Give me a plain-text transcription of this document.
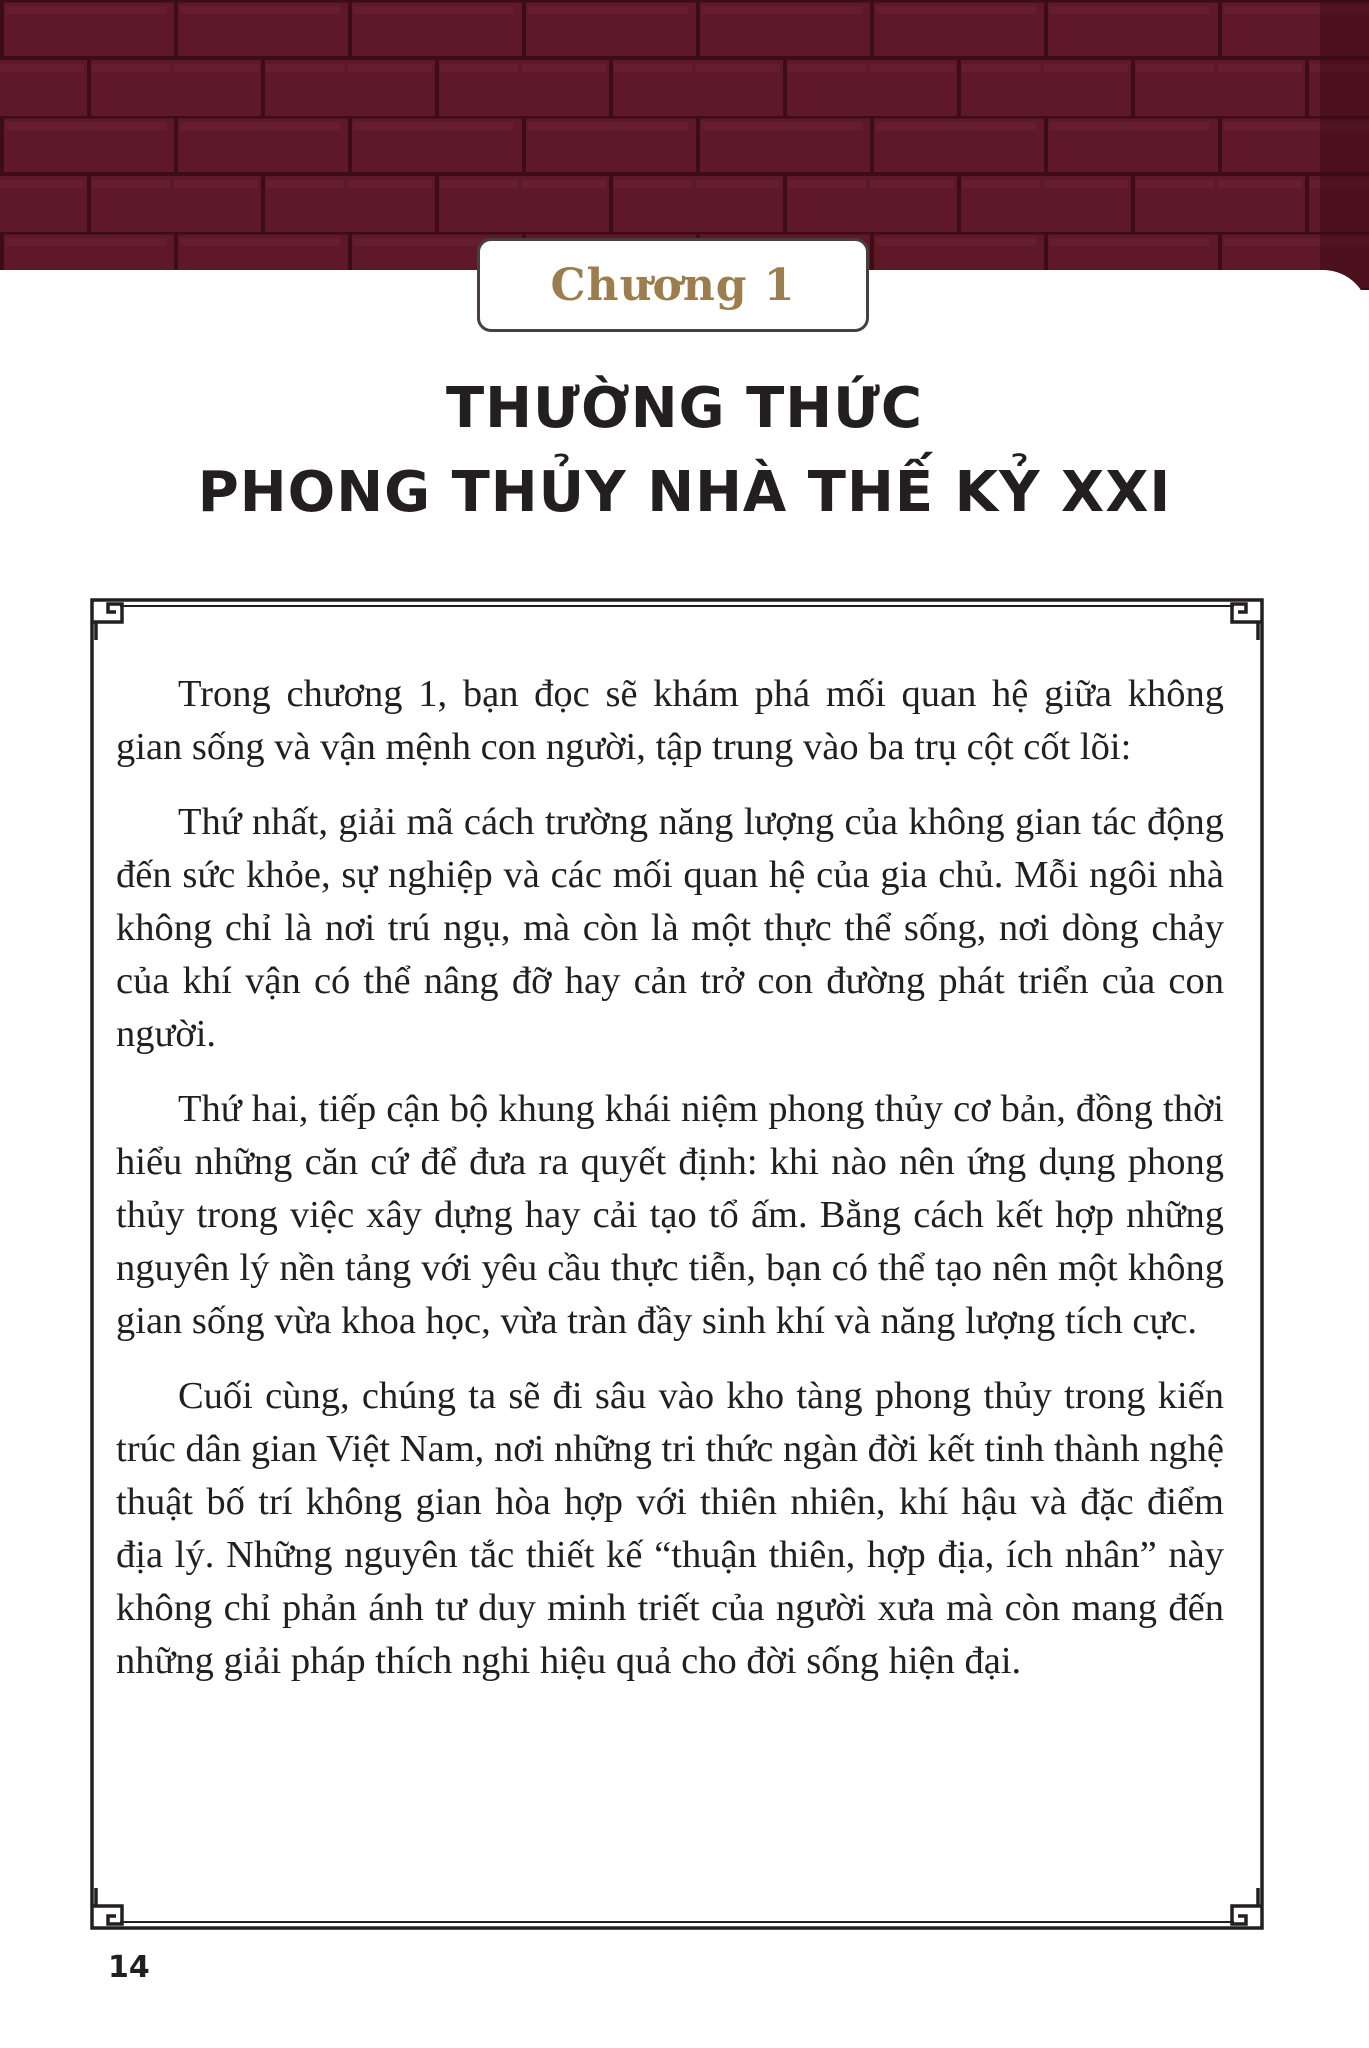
Chương 1
THƯỜNG THỨC
PHONG THỦY NHÀ THẾ KỶ XXI

Trong chương 1, bạn đọc sẽ khám phá mối quan hệ giữa không gian sống và vận mệnh con người, tập trung vào ba trụ cột cốt lõi:

Thứ nhất, giải mã cách trường năng lượng của không gian tác động đến sức khỏe, sự nghiệp và các mối quan hệ của gia chủ. Mỗi ngôi nhà không chỉ là nơi trú ngụ, mà còn là một thực thể sống, nơi dòng chảy của khí vận có thể nâng đỡ hay cản trở con đường phát triển của con người.

Thứ hai, tiếp cận bộ khung khái niệm phong thủy cơ bản, đồng thời hiểu những căn cứ để đưa ra quyết định: khi nào nên ứng dụng phong thủy trong việc xây dựng hay cải tạo tổ ấm. Bằng cách kết hợp những nguyên lý nền tảng với yêu cầu thực tiễn, bạn có thể tạo nên một không gian sống vừa khoa học, vừa tràn đầy sinh khí và năng lượng tích cực.

Cuối cùng, chúng ta sẽ đi sâu vào kho tàng phong thủy trong kiến trúc dân gian Việt Nam, nơi những tri thức ngàn đời kết tinh thành nghệ thuật bố trí không gian hòa hợp với thiên nhiên, khí hậu và đặc điểm địa lý. Những nguyên tắc thiết kế “thuận thiên, hợp địa, ích nhân” này không chỉ phản ánh tư duy minh triết của người xưa mà còn mang đến những giải pháp thích nghi hiệu quả cho đời sống hiện đại.

14
